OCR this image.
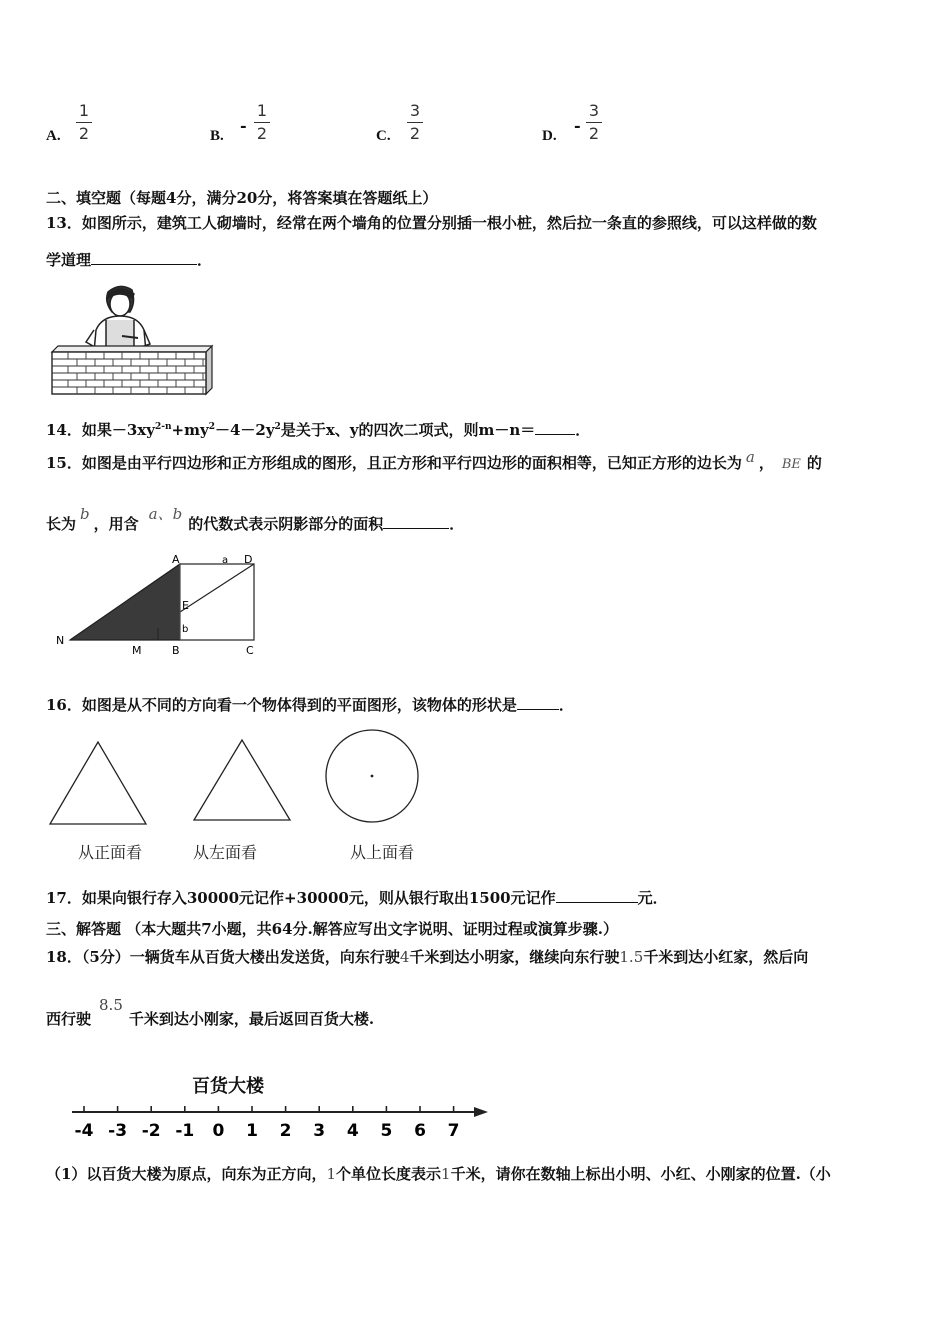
A.
1
2	B.
-
1
2	C.
3
2	D.
-
3
2
二、填空题（每题4分，满分20分，将答案填在答题纸上）
13．如图所示，建筑工人砌墙时，经常在两个墙角的位置分别插一根小桩，然后拉一条直的参照线，可以这样做的数
学道理	．
14．如果$-3xy^{2-n}+my^2-4-2y^2$是关于x、y的四次二项式，则m－n＝	．
15．如图是由平行四边形和正方形组成的图形，且正方形和平行四边形的面积相等，已知正方形的边长为 a ， BE 的
长为b，用含a、b的代数式表示阴影部分的面积	．
A	D
a
E
b
N
M	B	C
16．如图是从不同的方向看一个物体得到的平面图形，该物体的形状是	．
从正面看	从左面看	从上面看
17．如果向银行存入30000元记作+30000元，则从银行取出1500元记作	元．
三、解答题 （本大题共7小题，共64分.解答应写出文字说明、证明过程或演算步骤.）
18．（5分）一辆货车从百货大楼出发送货，向东行驶4千米到达小明家，继续向东行驶1.5千米到达小红家，然后向
西行驶8.5千米到达小刚家，最后返回百货大楼.
百货大楼
-4 -3 -2 -1 0 1 2 3 4 5 6 7
（1）以百货大楼为原点，向东为正方向，1个单位长度表示1千米，请你在数轴上标出小明、小红、小刚家的位置.（小
